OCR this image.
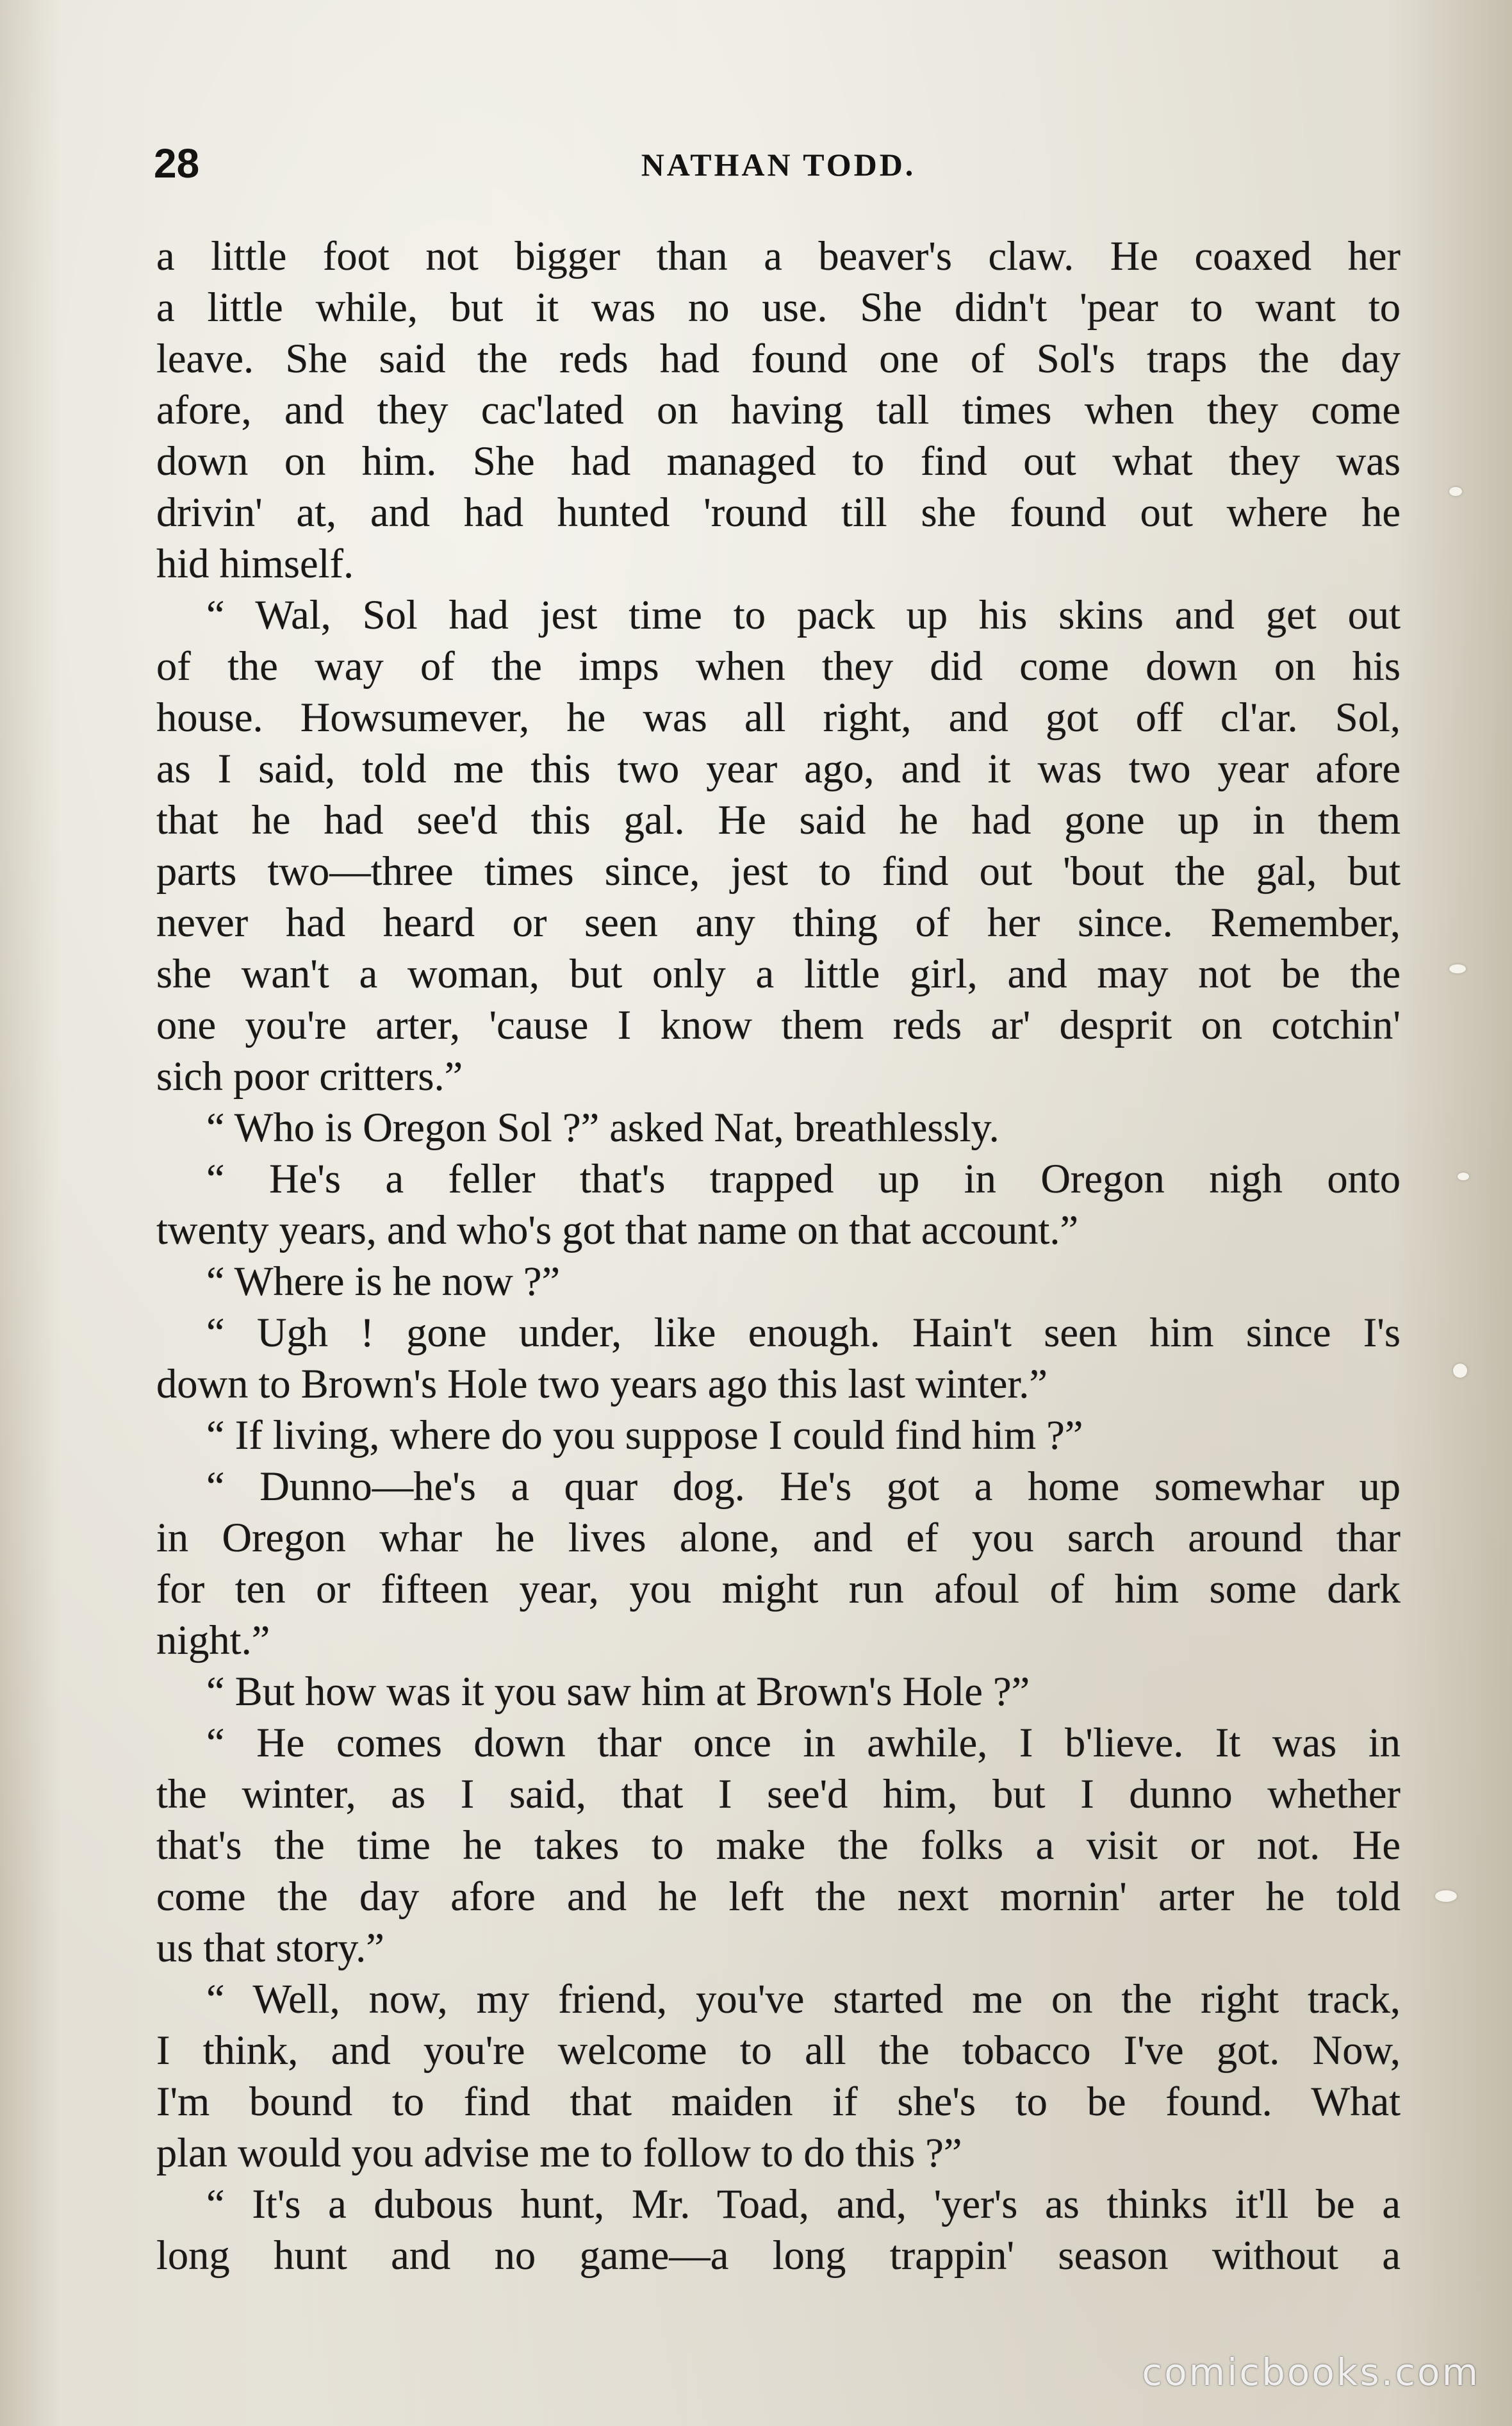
28	NATHAN TODD.
a little foot not bigger than a beaver's claw. He coaxed her
a little while, but it was no use. She didn't 'pear to want to
leave. She said the reds had found one of Sol's traps the day
afore, and they cac'lated on having tall times when they come
down on him. She had managed to find out what they was
drivin' at, and had hunted 'round till she found out where he
hid himself.
“ Wal, Sol had jest time to pack up his skins and get out
of the way of the imps when they did come down on his
house. Howsumever, he was all right, and got off cl'ar. Sol,
as I said, told me this two year ago, and it was two year afore
that he had see'd this gal. He said he had gone up in them
parts two—three times since, jest to find out 'bout the gal, but
never had heard or seen any thing of her since. Remember,
she wan't a woman, but only a little girl, and may not be the
one you're arter, 'cause I know them reds ar' desprit on cotchin'
sich poor critters.”
“ Who is Oregon Sol ?” asked Nat, breathlessly.
“ He's a feller that's trapped up in Oregon nigh onto
twenty years, and who's got that name on that account.”
“ Where is he now ?”
“ Ugh ! gone under, like enough. Hain't seen him since I's
down to Brown's Hole two years ago this last winter.”
“ If living, where do you suppose I could find him ?”
“ Dunno—he's a quar dog. He's got a home somewhar up
in Oregon whar he lives alone, and ef you sarch around thar
for ten or fifteen year, you might run afoul of him some dark
night.”
“ But how was it you saw him at Brown's Hole ?”
“ He comes down thar once in awhile, I b'lieve. It was in
the winter, as I said, that I see'd him, but I dunno whether
that's the time he takes to make the folks a visit or not. He
come the day afore and he left the next mornin' arter he told
us that story.”
“ Well, now, my friend, you've started me on the right track,
I think, and you're welcome to all the tobacco I've got. Now,
I'm bound to find that maiden if she's to be found. What
plan would you advise me to follow to do this ?”
“ It's a dubous hunt, Mr. Toad, and, 'yer's as thinks it'll be a
long hunt and no game—a long trappin' season without a
comicbooks.com
